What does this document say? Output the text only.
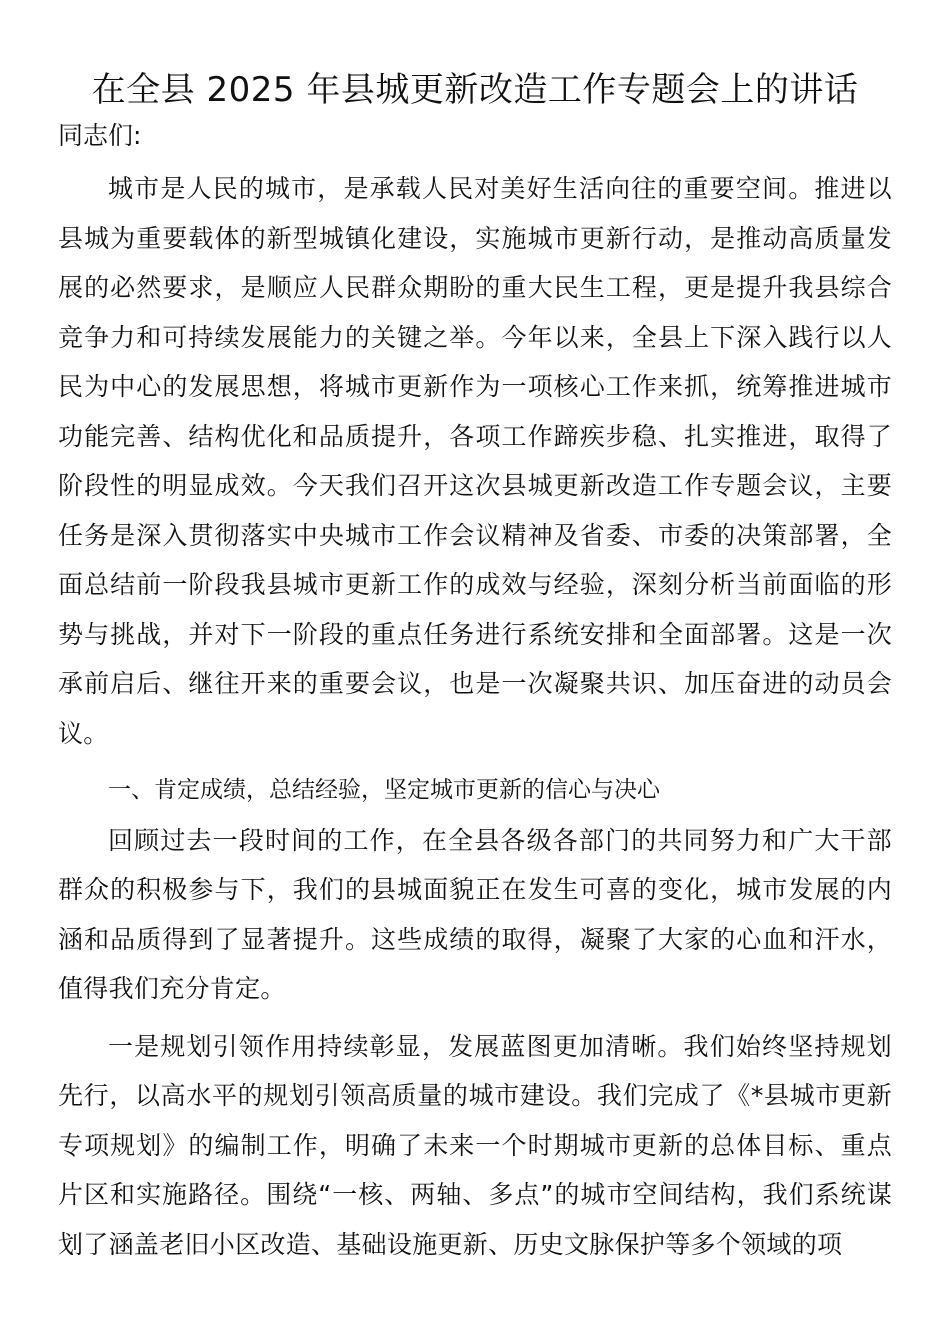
在全县 2025 年县城更新改造工作专题会上的讲话

同志们:

城市是人民的城市，是承载人民对美好生活向往的重要空间。推进以县城为重要载体的新型城镇化建设，实施城市更新行动，是推动高质量发展的必然要求，是顺应人民群众期盼的重大民生工程，更是提升我县综合竞争力和可持续发展能力的关键之举。今年以来，全县上下深入践行以人民为中心的发展思想，将城市更新作为一项核心工作来抓，统筹推进城市功能完善、结构优化和品质提升，各项工作蹄疾步稳、扎实推进，取得了阶段性的明显成效。今天我们召开这次县城更新改造工作专题会议，主要任务是深入贯彻落实中央城市工作会议精神及省委、市委的决策部署，全面总结前一阶段我县城市更新工作的成效与经验，深刻分析当前面临的形势与挑战，并对下一阶段的重点任务进行系统安排和全面部署。这是一次承前启后、继往开来的重要会议，也是一次凝聚共识、加压奋进的动员会议。

一、肯定成绩，总结经验，坚定城市更新的信心与决心

回顾过去一段时间的工作，在全县各级各部门的共同努力和广大干部群众的积极参与下，我们的县城面貌正在发生可喜的变化，城市发展的内涵和品质得到了显著提升。这些成绩的取得，凝聚了大家的心血和汗水，值得我们充分肯定。

一是规划引领作用持续彰显，发展蓝图更加清晰。我们始终坚持规划先行，以高水平的规划引领高质量的城市建设。我们完成了《*县城市更新专项规划》的编制工作，明确了未来一个时期城市更新的总体目标、重点片区和实施路径。围绕“一核、两轴、多点”的城市空间结构，我们系统谋划了涵盖老旧小区改造、基础设施更新、历史文脉保护等多个领域的项
